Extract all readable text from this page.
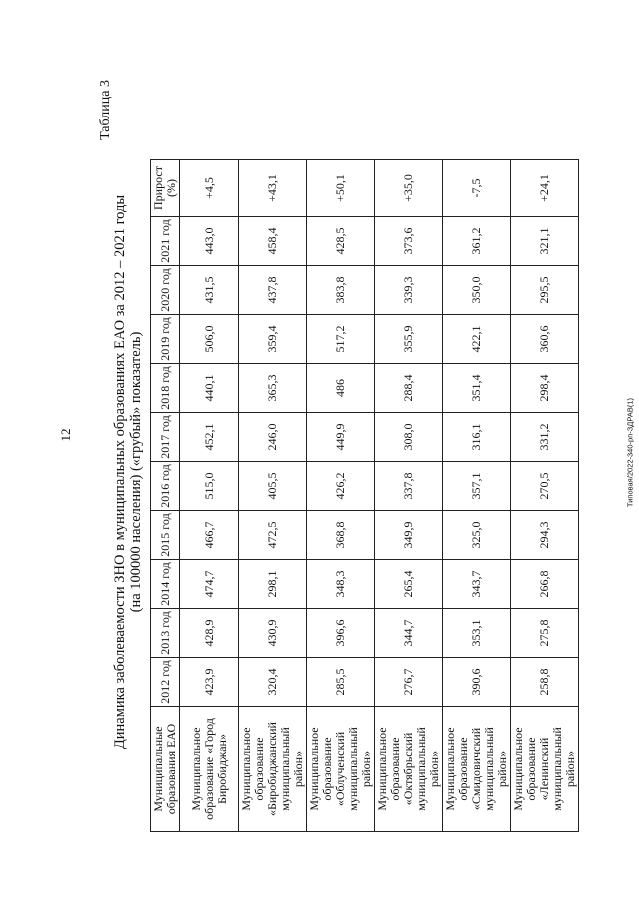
12	Типовая/2022-340-рп-ЗДРАВ(1)
Таблица 3
Динамика заболеваемости ЗНО в муниципальных образованиях ЕАО за 2012 – 2021 годы (на 100000 населения) («грубый» показатель)
Муниципальные образования ЕАО	2012 год	2013 год	2014 год	2015 год	2016 год	2017 год	2018 год	2019 год	2020 год	2021 год	Прирост (%)
Муниципальное образование «Город Биробиджан»	423,9	428,9	474,7	466,7	515,0	452,1	440,1	506,0	431,5	443,0	+4,5
Муниципальное образование «Биробиджанский муниципальный район»	320,4	430,9	298,1	472,5	405,5	246,0	365,3	359,4	437,8	458,4	+43,1
Муниципальное образование «Облученский муниципальный район»	285,5	396,6	348,3	368,8	426,2	449,9	486	517,2	383,8	428,5	+50,1
Муниципальное образование «Октябрьский муниципальный район»	276,7	344,7	265,4	349,9	337,8	308,0	288,4	355,9	339,3	373,6	+35,0
Муниципальное образование «Смидовичский муниципальный район»	390,6	353,1	343,7	325,0	357,1	316,1	351,4	422,1	350,0	361,2	-7,5
Муниципальное образование «Ленинский муниципальный район»	258,8	275,8	266,8	294,3	270,5	331,2	298,4	360,6	295,5	321,1	+24,1
